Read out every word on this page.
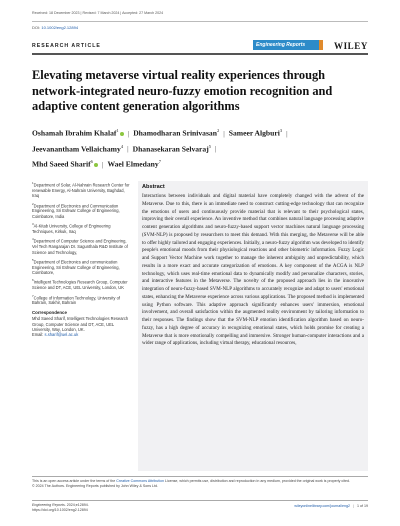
Received: 18 December 2023 | Revised: 7 March 2024 | Accepted: 27 March 2024
DOI: 10.1002/eng2.12894
RESEARCH ARTICLE	Engineering Reports	WILEY
Elevating metaverse virtual reality experiences through network-integrated neuro-fuzzy emotion recognition and adaptive content generation algorithms
Oshamah Ibrahim Khalaf$^1$ | Dhamodharan Srinivasan$^2$ | Sameer Algburi$^3$ |
Jeevanantham Vellaichamy$^4$ | Dhanasekaran Selvaraj$^5$ |
Mhd Saeed Sharif$^6$ | Wael Elmedany$^7$
$^1$Department of Solar, Al-Nahrain Research Center for renewable Energy, Al-Nahrain University, Baghdad, Iraq
$^2$Department of Electronics and Communication Engineering, Sri Eshwar College of Engineering, Coimbatore, India
$^3$Al-Kitab University, College of Engineering Techniques, Kirkuk, Iraq
$^4$Department of Computer Science and Engineering, Vel Tech Rangarajan Dr. Sagunthala R&D Institute of Science and Technology,
$^5$Department of Electronics and communication Engineering, Sri Eshwar College of Engineering, Coimbatore,
$^6$Intelligent Technologies Research Group, Computer Science and DT, ACE, UEL University, London, UK
$^7$College of Information Technology, University of Bahrain, Sakhir, Bahrain
Correspondence
Mhd Saeed Sharif, Intelligent Technologies Research Group, Computer Science and DT, ACE, UEL University, Way, London, UK.
Email: s.sharif@uel.ac.uk
Abstract

Interactions between individuals and digital material have completely changed with the advent of the Metaverse. Due to this, there is an immediate need to construct cutting-edge technology that can recognize the emotions of users and continuously provide material that is relevant to their psychological states, improving their overall experience. An inventive method that combines natural language processing adaptive content generation algorithms and neuro-fuzzy-based support vector machines natural language processing (SVM-NLP) is proposed by researchers to meet this demand. With this merging, the Metaverse will be able to offer highly tailored and engaging experiences. Initially, a neuro-fuzzy algorithm was developed to identify people's emotional moods from their physiological reactions and other biometric information. Fuzzy Logic and Support Vector Machine work together to manage the inherent ambiguity and unpredictability, which results in a more exact and accurate categorization of emotions. A key component of the ACGA is NLP technology, which uses real-time emotional data to dynamically modify and personalize characters, stories, and interactive features in the Metaverse. The novelty of the proposed approach lies in the innovative integration of neuro-fuzzy-based SVM-NLP algorithms to accurately recognize and adapt to users' emotional states, enhancing the Metaverse experience across various applications. The proposed method is implemented using Python software. This adaptive approach significantly enhances users' immersion, emotional involvement, and overall satisfaction within the augmented reality environment by tailoring information to their responses. The findings show that the SVM-NLP emotion identification algorithm based on neuro-fuzzy, has a high degree of accuracy in recognizing emotional states, which holds promise for creating a Metaverse that is more emotionally compelling and immersive. Stronger human-computer interactions and a wider range of applications, including virtual therapy, educational resources,

This is an open access article under the terms of the Creative Commons Attribution License, which permits use, distribution and reproduction in any medium, provided the original work is properly cited.
© 2024 The Authors. Engineering Reports published by John Wiley & Sons Ltd.
Engineering Reports. 2024;e12894.
https://doi.org/10.1002/eng2.12894
wileyonlinelibrary.com/journal/eng2 | 1 of 19
